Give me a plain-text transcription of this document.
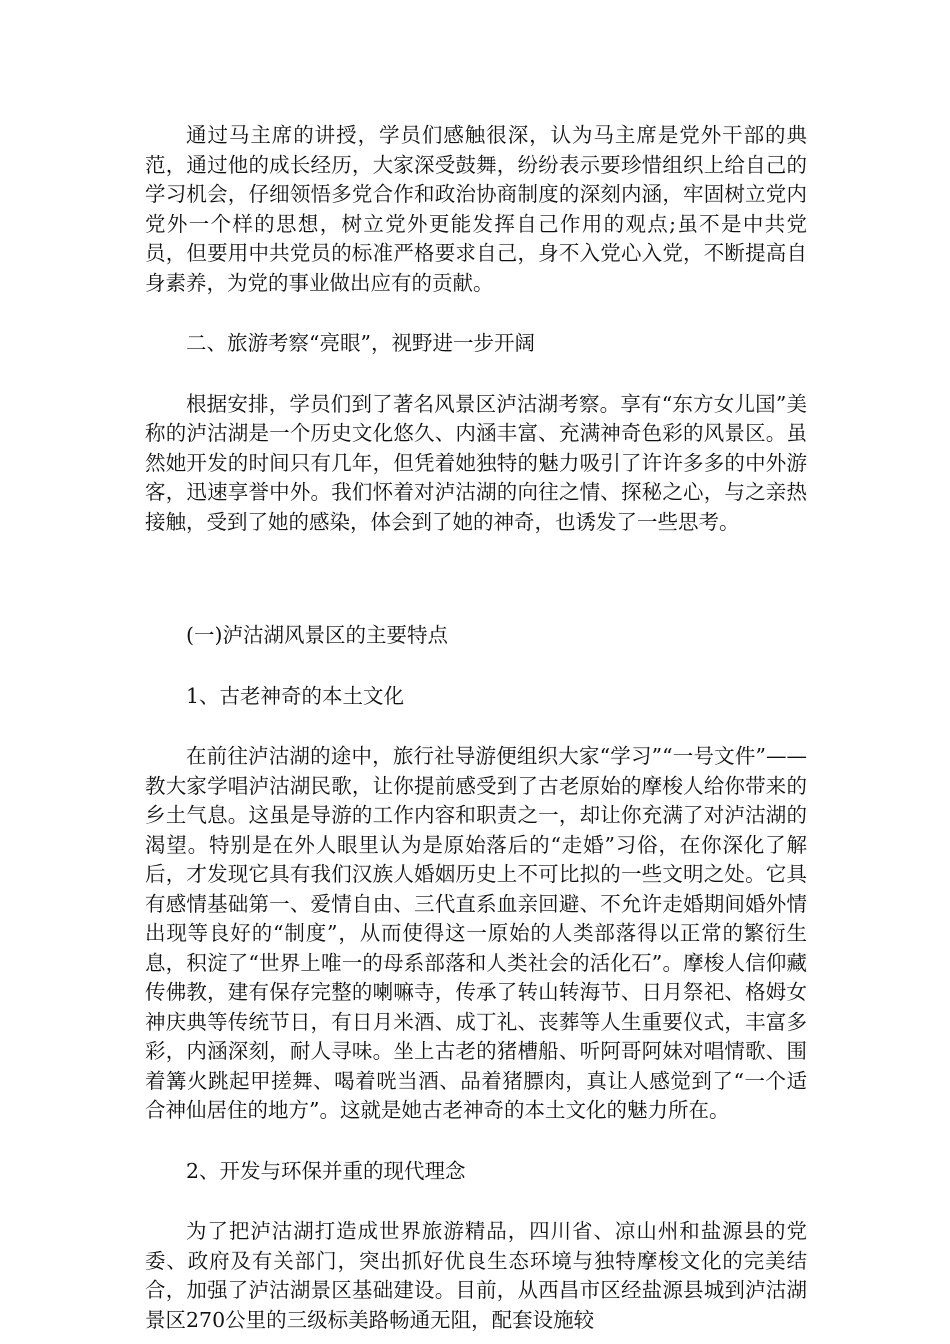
通过马主席的讲授，学员们感触很深，认为马主席是党外干部的典范，通过他的成长经历，大家深受鼓舞，纷纷表示要珍惜组织上给自己的学习机会，仔细领悟多党合作和政治协商制度的深刻内涵，牢固树立党内党外一个样的思想，树立党外更能发挥自己作用的观点;虽不是中共党员，但要用中共党员的标准严格要求自己，身不入党心入党，不断提高自身素养，为党的事业做出应有的贡献。

二、旅游考察“亮眼”，视野进一步开阔

根据安排，学员们到了著名风景区泸沽湖考察。享有“东方女儿国”美称的泸沽湖是一个历史文化悠久、内涵丰富、充满神奇色彩的风景区。虽然她开发的时间只有几年，但凭着她独特的魅力吸引了许许多多的中外游客，迅速享誉中外。我们怀着对泸沽湖的向往之情、探秘之心，与之亲热接触，受到了她的感染，体会到了她的神奇，也诱发了一些思考。

(一)泸沽湖风景区的主要特点

1、古老神奇的本土文化

在前往泸沽湖的途中，旅行社导游便组织大家“学习”“一号文件”——教大家学唱泸沽湖民歌，让你提前感受到了古老原始的摩梭人给你带来的乡土气息。这虽是导游的工作内容和职责之一，却让你充满了对泸沽湖的渴望。特别是在外人眼里认为是原始落后的“走婚”习俗，在你深化了解后，才发现它具有我们汉族人婚姻历史上不可比拟的一些文明之处。它具有感情基础第一、爱情自由、三代直系血亲回避、不允许走婚期间婚外情出现等良好的“制度”，从而使得这一原始的人类部落得以正常的繁衍生息，积淀了“世界上唯一的母系部落和人类社会的活化石”。摩梭人信仰藏传佛教，建有保存完整的喇嘛寺，传承了转山转海节、日月祭祀、格姆女神庆典等传统节日，有日月米酒、成丁礼、丧葬等人生重要仪式，丰富多彩，内涵深刻，耐人寻味。坐上古老的猪槽船、听阿哥阿妹对唱情歌、围着篝火跳起甲搓舞、喝着咣当酒、品着猪膘肉，真让人感觉到了“一个适合神仙居住的地方”。这就是她古老神奇的本土文化的魅力所在。

2、开发与环保并重的现代理念

为了把泸沽湖打造成世界旅游精品，四川省、凉山州和盐源县的党委、政府及有关部门，突出抓好优良生态环境与独特摩梭文化的完美结合，加强了泸沽湖景区基础建设。目前，从西昌市区经盐源县城到泸沽湖景区270公里的三级标美路畅通无阻，配套设施较
